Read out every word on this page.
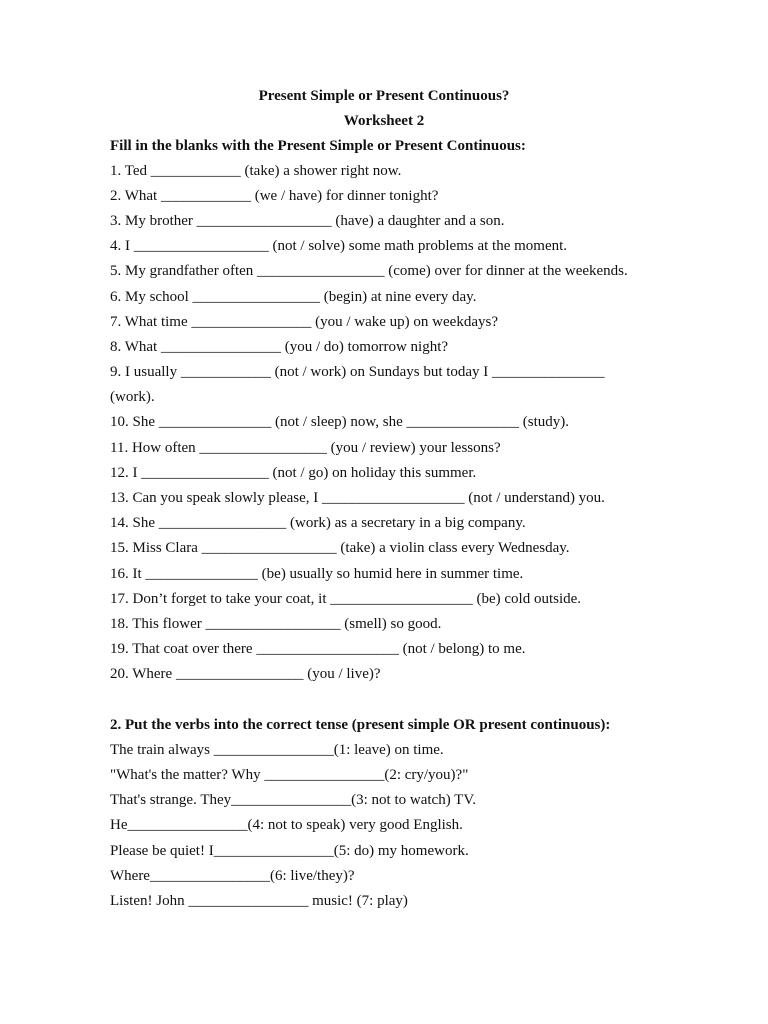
Present Simple or Present Continuous?
Worksheet 2
Fill in the blanks with the Present Simple or Present Continuous:
1. Ted ____________ (take) a shower right now.
2. What ____________ (we / have) for dinner tonight?
3. My brother __________________ (have) a daughter and a son.
4. I __________________ (not / solve) some math problems at the moment.
5. My grandfather often _________________ (come) over for dinner at the weekends.
6. My school _________________ (begin) at nine every day.
7. What time ________________ (you / wake up) on weekdays?
8. What ________________ (you / do) tomorrow night?
9. I usually ____________ (not / work) on Sundays but today I _______________
(work).
10. She _______________ (not / sleep) now, she _______________ (study).
11. How often _________________ (you / review) your lessons?
12. I _________________ (not / go) on holiday this summer.
13. Can you speak slowly please, I ___________________ (not / understand) you.
14. She _________________ (work) as a secretary in a big company.
15. Miss Clara __________________ (take) a violin class every Wednesday.
16. It _______________ (be) usually so humid here in summer time.
17. Don’t forget to take your coat, it ___________________ (be) cold outside.
18. This flower __________________ (smell) so good.
19. That coat over there ___________________ (not / belong) to me.
20. Where _________________ (you / live)?
2. Put the verbs into the correct tense (present simple OR present continuous):
The train always ________________(1: leave) on time.
"What's the matter? Why ________________(2: cry/you)?"
That's strange. They________________(3: not to watch) TV.
He________________(4: not to speak) very good English.
Please be quiet! I________________(5: do) my homework.
Where________________(6: live/they)?
Listen! John ________________ music! (7: play)
